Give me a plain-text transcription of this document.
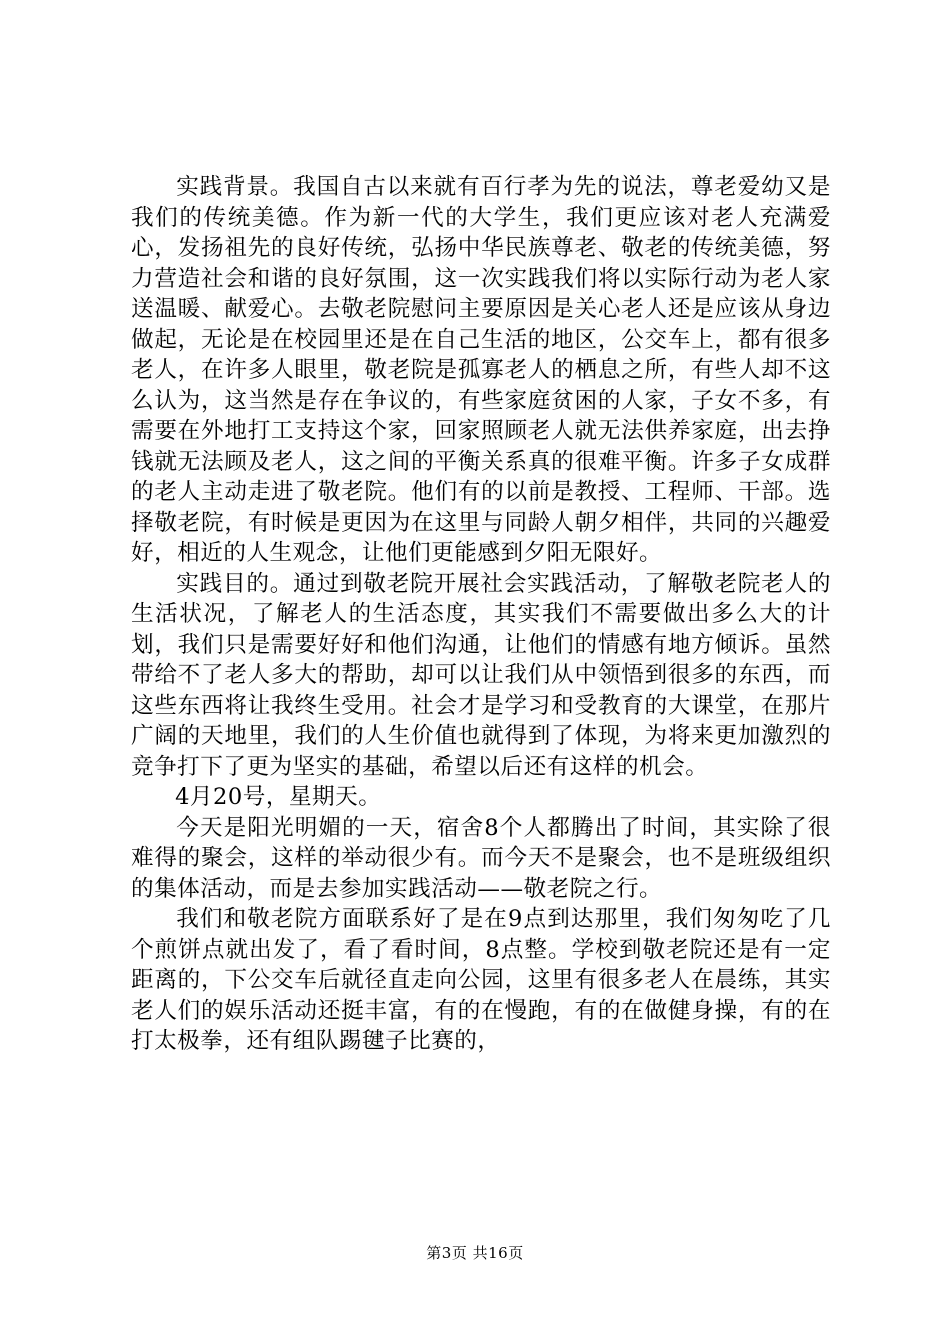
实践背景。我国自古以来就有百行孝为先的说法，尊老爱幼又是我们的传统美德。作为新一代的大学生，我们更应该对老人充满爱心，发扬祖先的良好传统，弘扬中华民族尊老、敬老的传统美德，努力营造社会和谐的良好氛围，这一次实践我们将以实际行动为老人家送温暖、献爱心。去敬老院慰问主要原因是关心老人还是应该从身边做起，无论是在校园里还是在自己生活的地区，公交车上，都有很多老人，在许多人眼里，敬老院是孤寡老人的栖息之所，有些人却不这么认为，这当然是存在争议的，有些家庭贫困的人家，子女不多，有需要在外地打工支持这个家，回家照顾老人就无法供养家庭，出去挣钱就无法顾及老人，这之间的平衡关系真的很难平衡。许多子女成群的老人主动走进了敬老院。他们有的以前是教授、工程师、干部。选择敬老院，有时候是更因为在这里与同龄人朝夕相伴，共同的兴趣爱好，相近的人生观念，让他们更能感到夕阳无限好。

实践目的。通过到敬老院开展社会实践活动，了解敬老院老人的生活状况，了解老人的生活态度，其实我们不需要做出多么大的计划，我们只是需要好好和他们沟通，让他们的情感有地方倾诉。虽然带给不了老人多大的帮助，却可以让我们从中领悟到很多的东西，而这些东西将让我终生受用。社会才是学习和受教育的大课堂，在那片广阔的天地里，我们的人生价值也就得到了体现，为将来更加激烈的竞争打下了更为坚实的基础，希望以后还有这样的机会。

4月20号，星期天。

今天是阳光明媚的一天，宿舍8个人都腾出了时间，其实除了很难得的聚会，这样的举动很少有。而今天不是聚会，也不是班级组织的集体活动，而是去参加实践活动——敬老院之行。

我们和敬老院方面联系好了是在9点到达那里，我们匆匆吃了几个煎饼点就出发了，看了看时间，8点整。学校到敬老院还是有一定距离的，下公交车后就径直走向公园，这里有很多老人在晨练，其实老人们的娱乐活动还挺丰富，有的在慢跑，有的在做健身操，有的在打太极拳，还有组队踢毽子比赛的，

第3页 共16页
